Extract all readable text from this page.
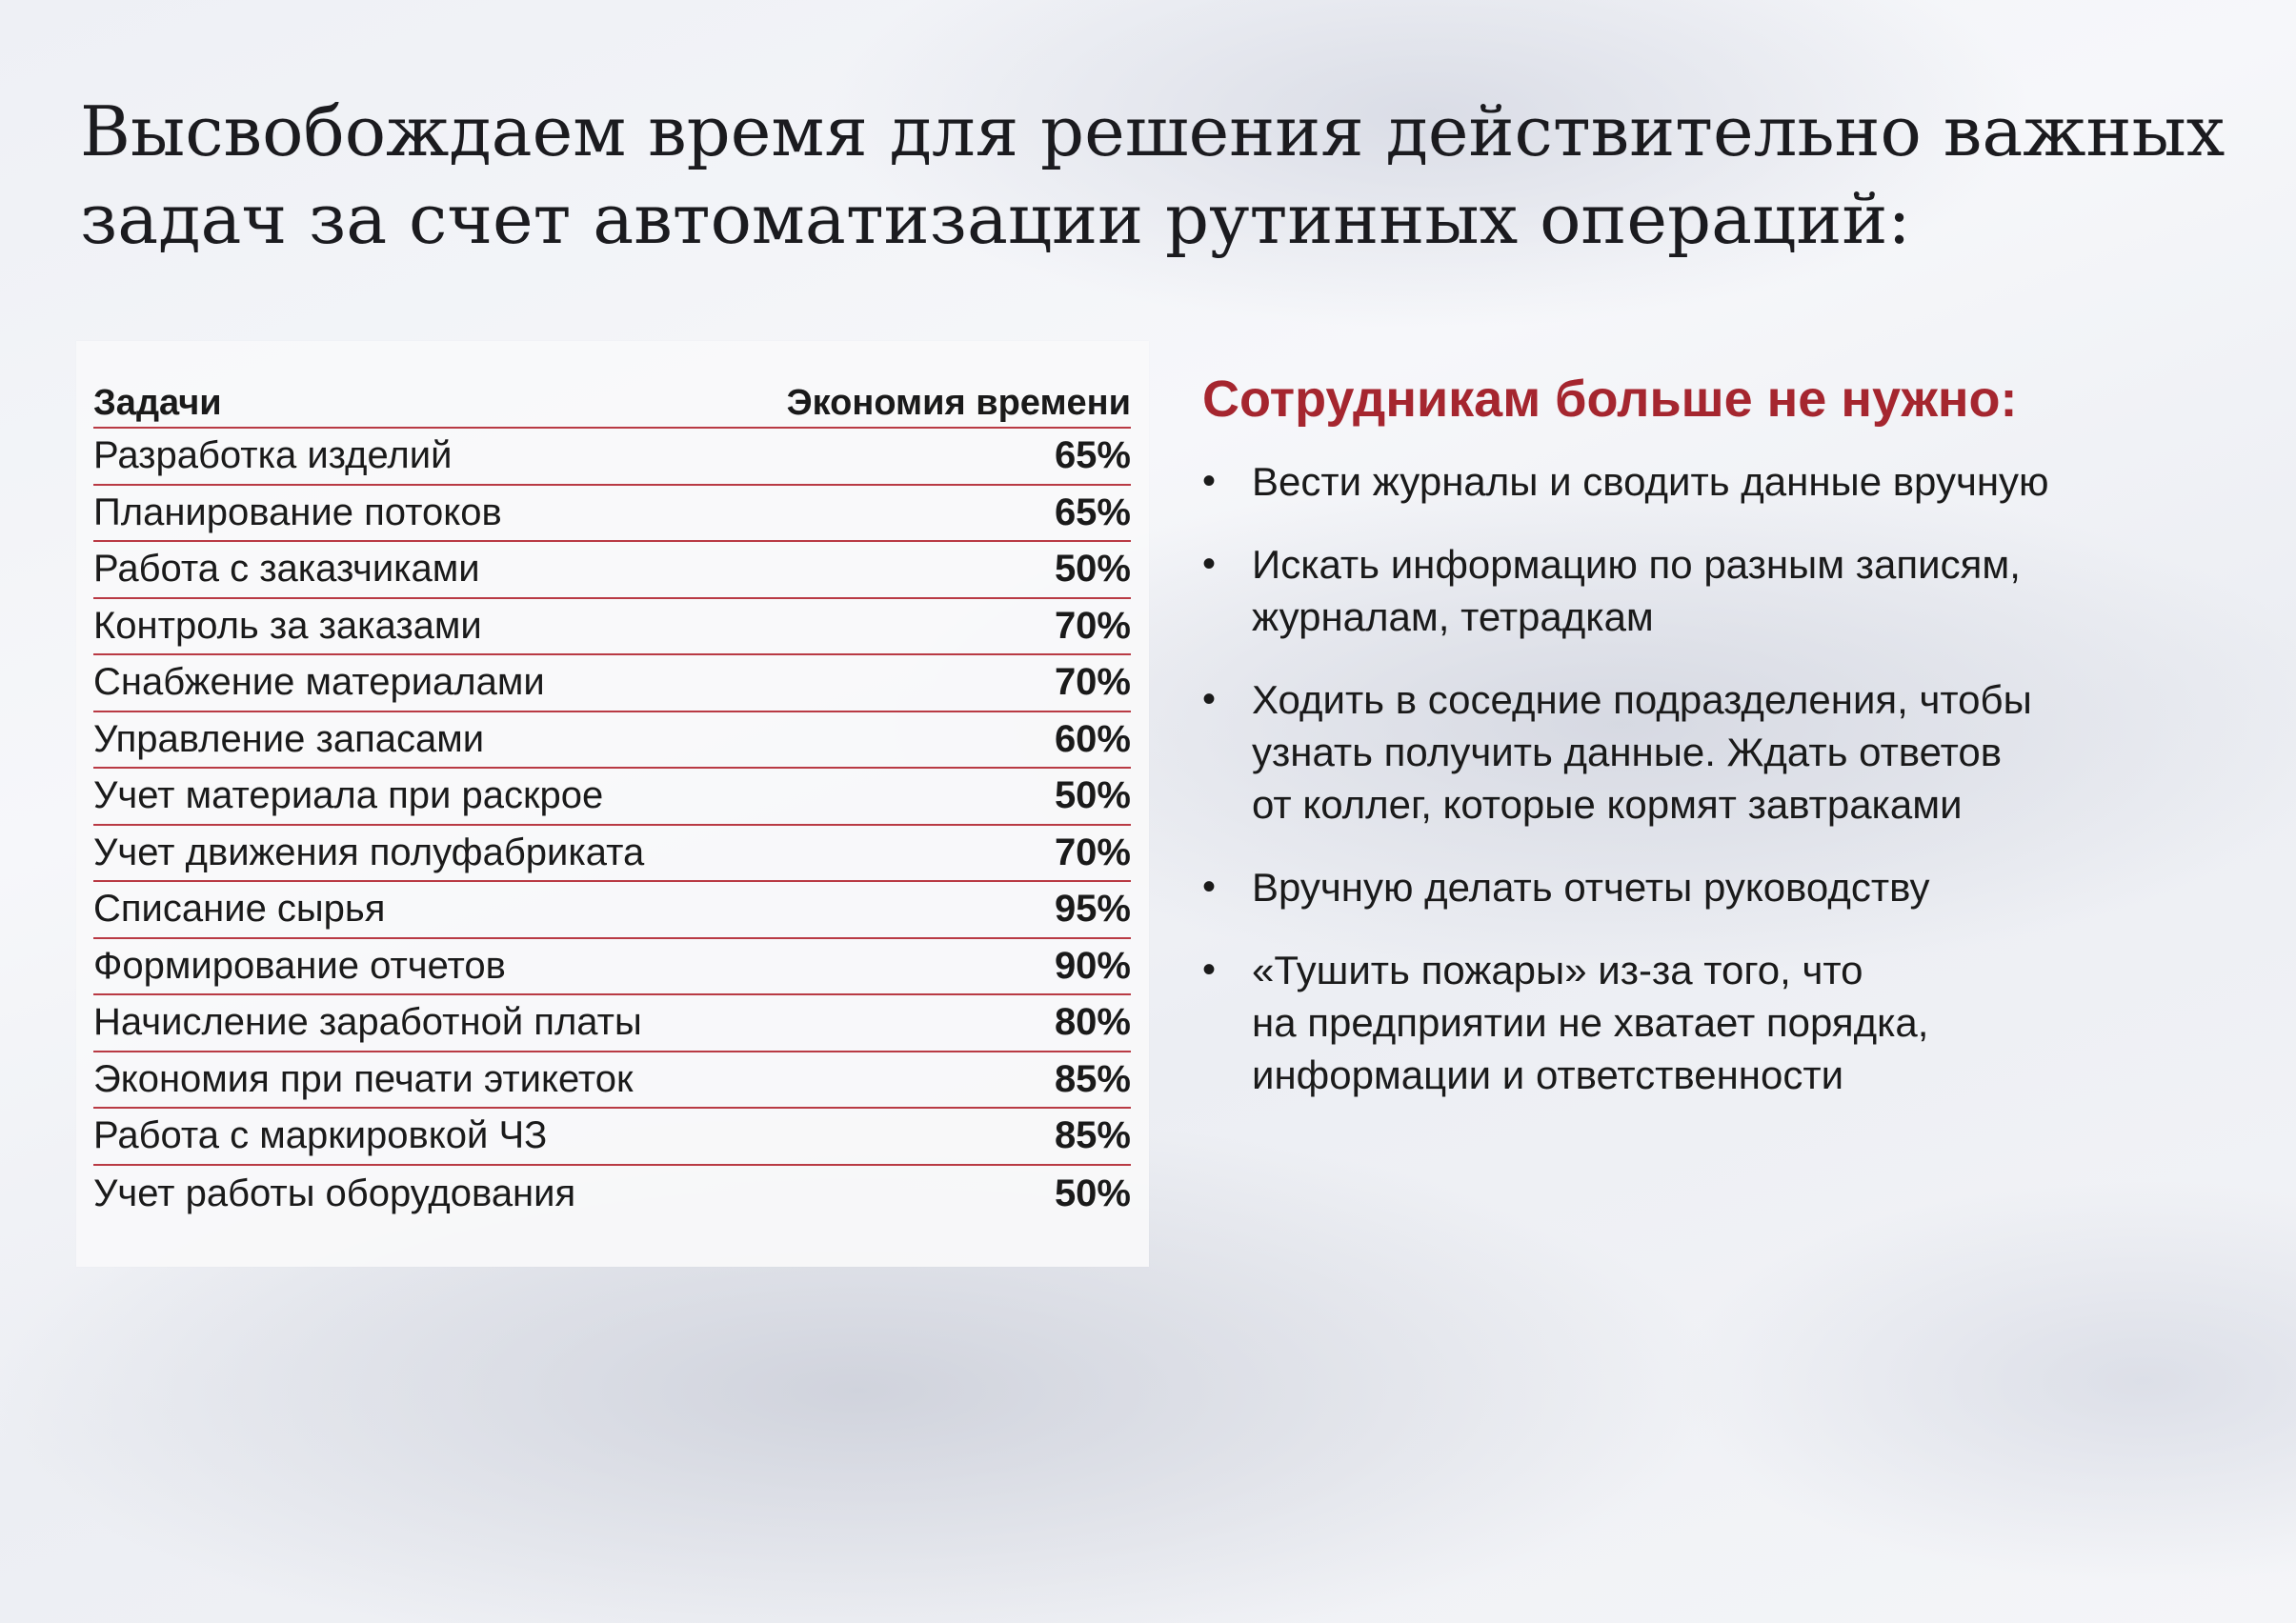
Высвобождаем время для решения действительно важных задач за счет автоматизации рутинных операций:
Задачи	Экономия времени
Разработка изделий	65%
Планирование потоков	65%
Работа с заказчиками	50%
Контроль за заказами	70%
Снабжение материалами	70%
Управление запасами	60%
Учет материала при раскрое	50%
Учет движения полуфабриката	70%
Списание сырья	95%
Формирование отчетов	90%
Начисление заработной платы	80%
Экономия при печати этикеток	85%
Работа с маркировкой ЧЗ	85%
Учет работы оборудования	50%
Сотрудникам больше не нужно:
• Вести журналы и сводить данные вручную
• Искать информацию по разным записям,
журналам, тетрадкам
• Ходить в соседние подразделения, чтобы
узнать получить данные. Ждать ответов
от коллег, которые кормят завтраками
• Вручную делать отчеты руководству
• «Тушить пожары» из-за того, что
на предприятии не хватает порядка,
информации и ответственности
